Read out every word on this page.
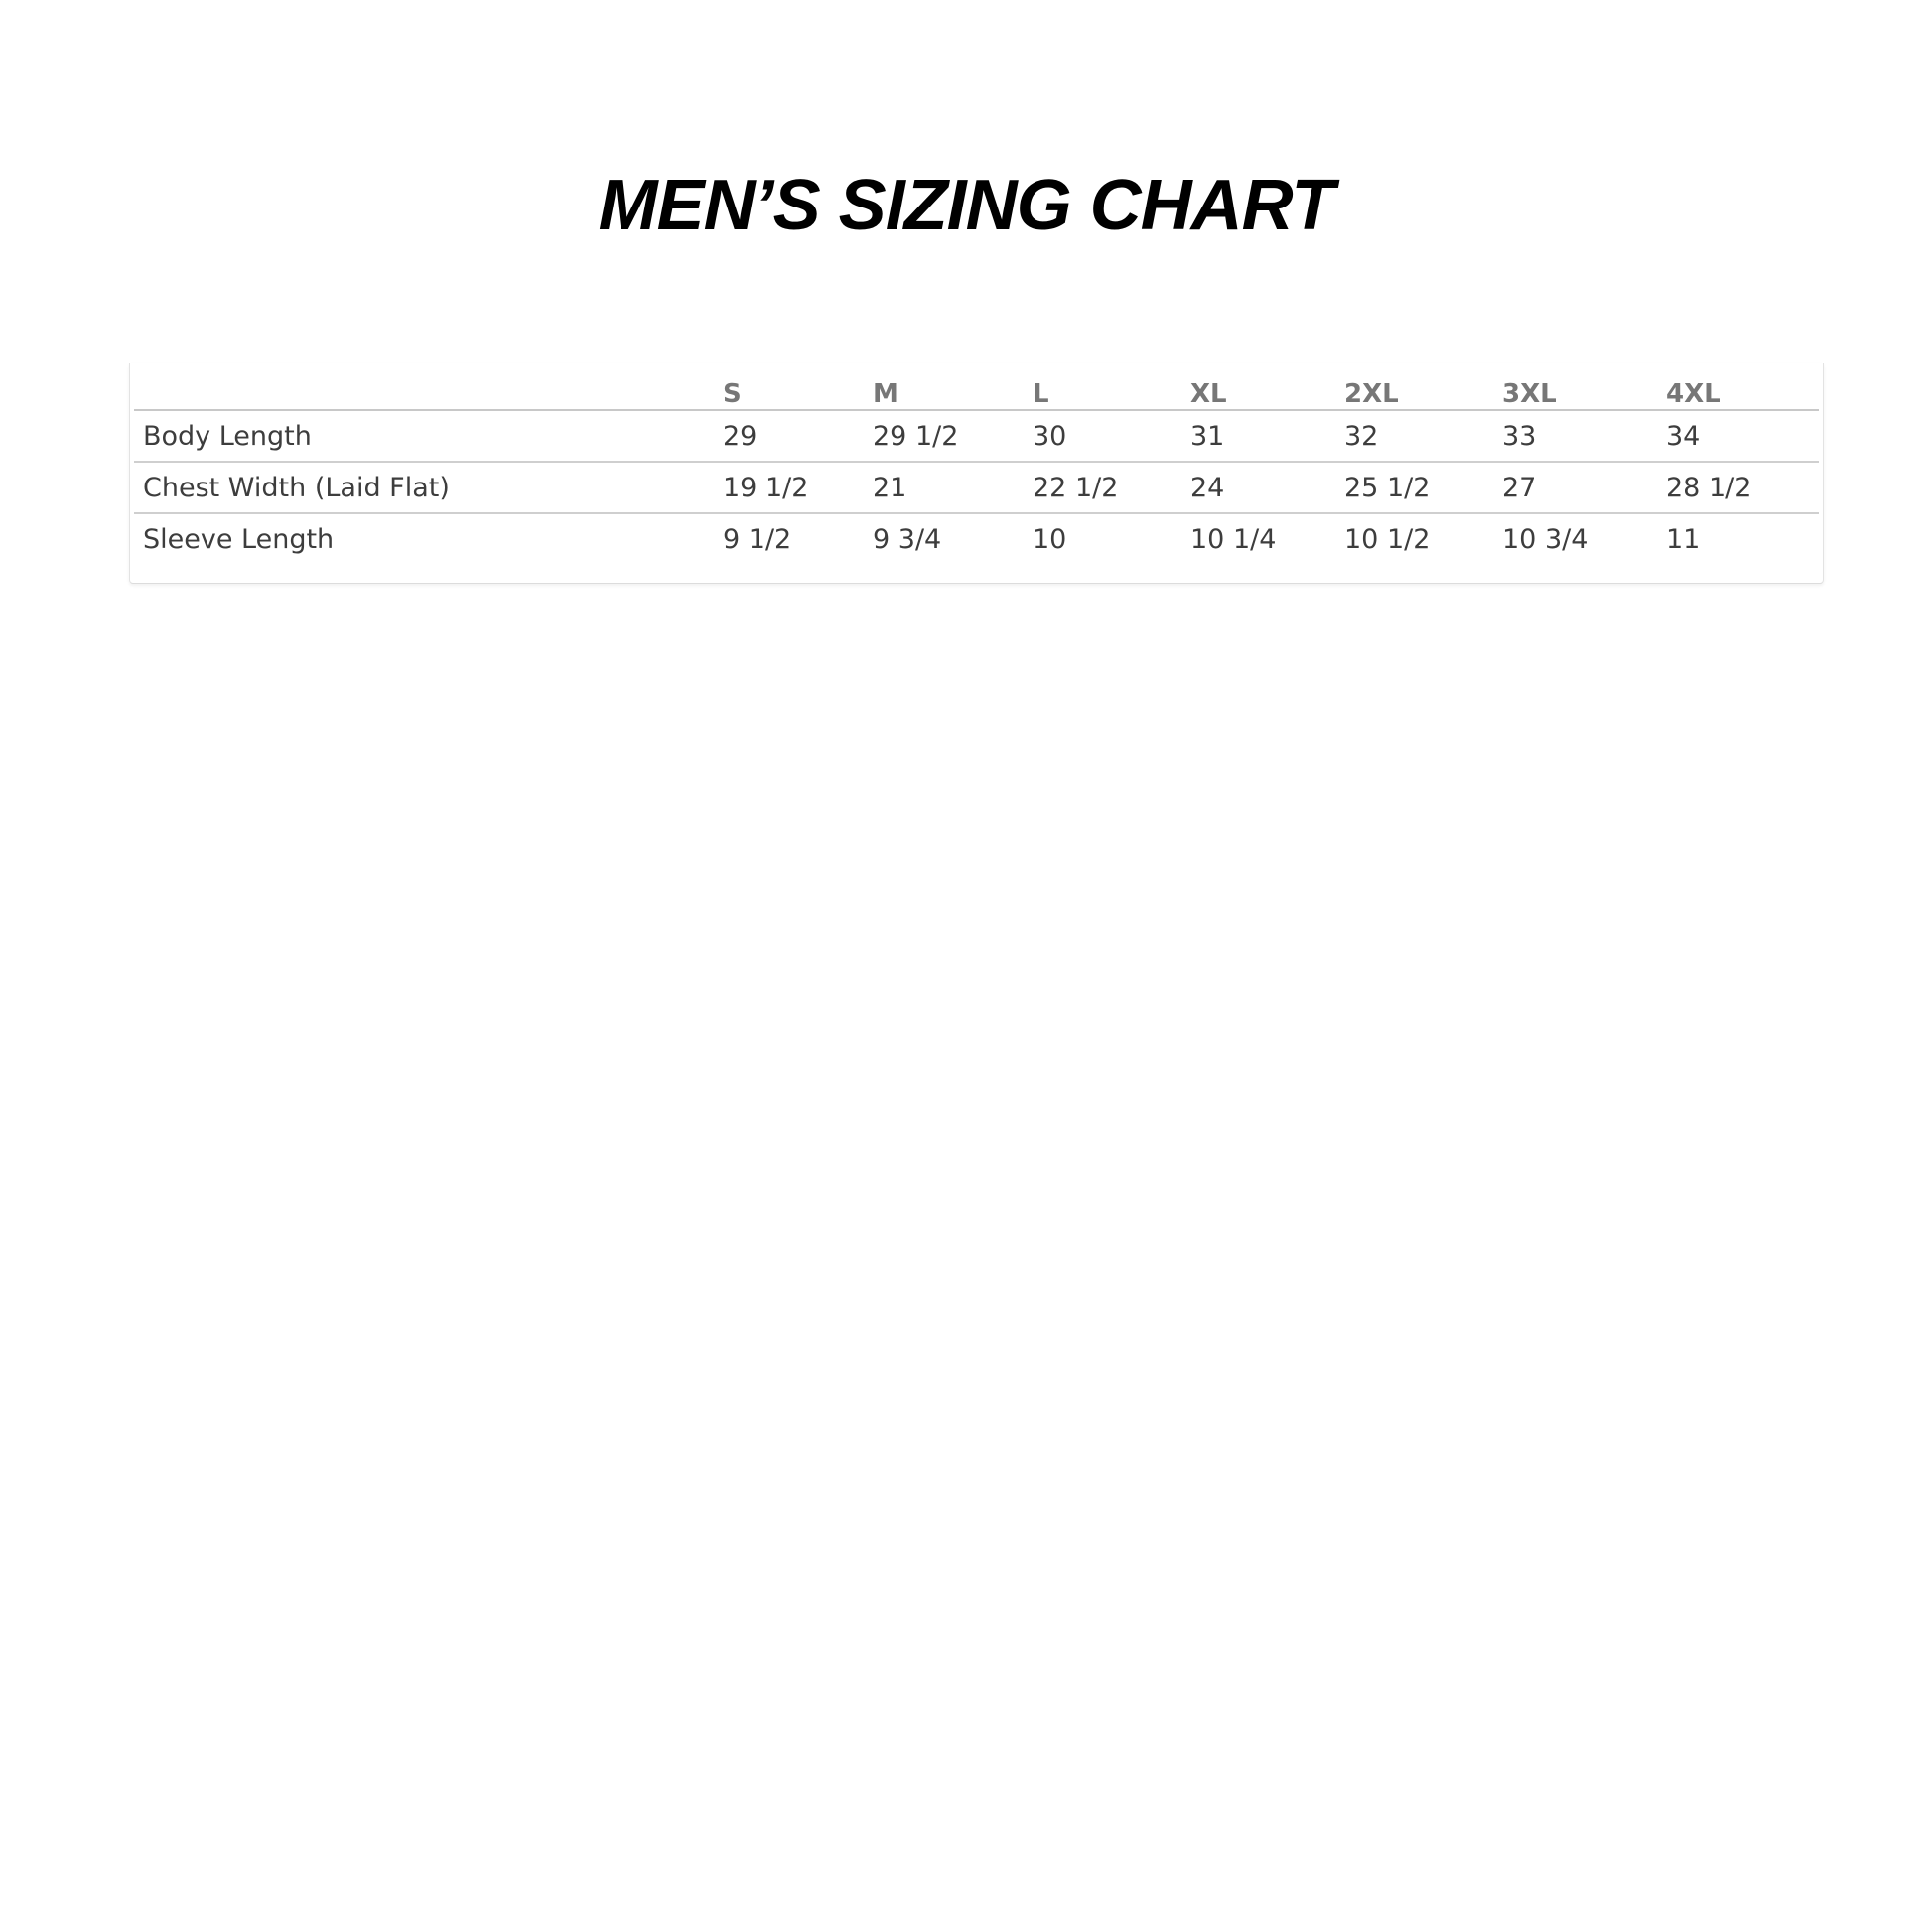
MEN’S SIZING CHART
	S	M	L	XL	2XL	3XL	4XL
Body Length	29	29 1/2	30	31	32	33	34
Chest Width (Laid Flat)	19 1/2	21	22 1/2	24	25 1/2	27	28 1/2
Sleeve Length	9 1/2	9 3/4	10	10 1/4	10 1/2	10 3/4	11
